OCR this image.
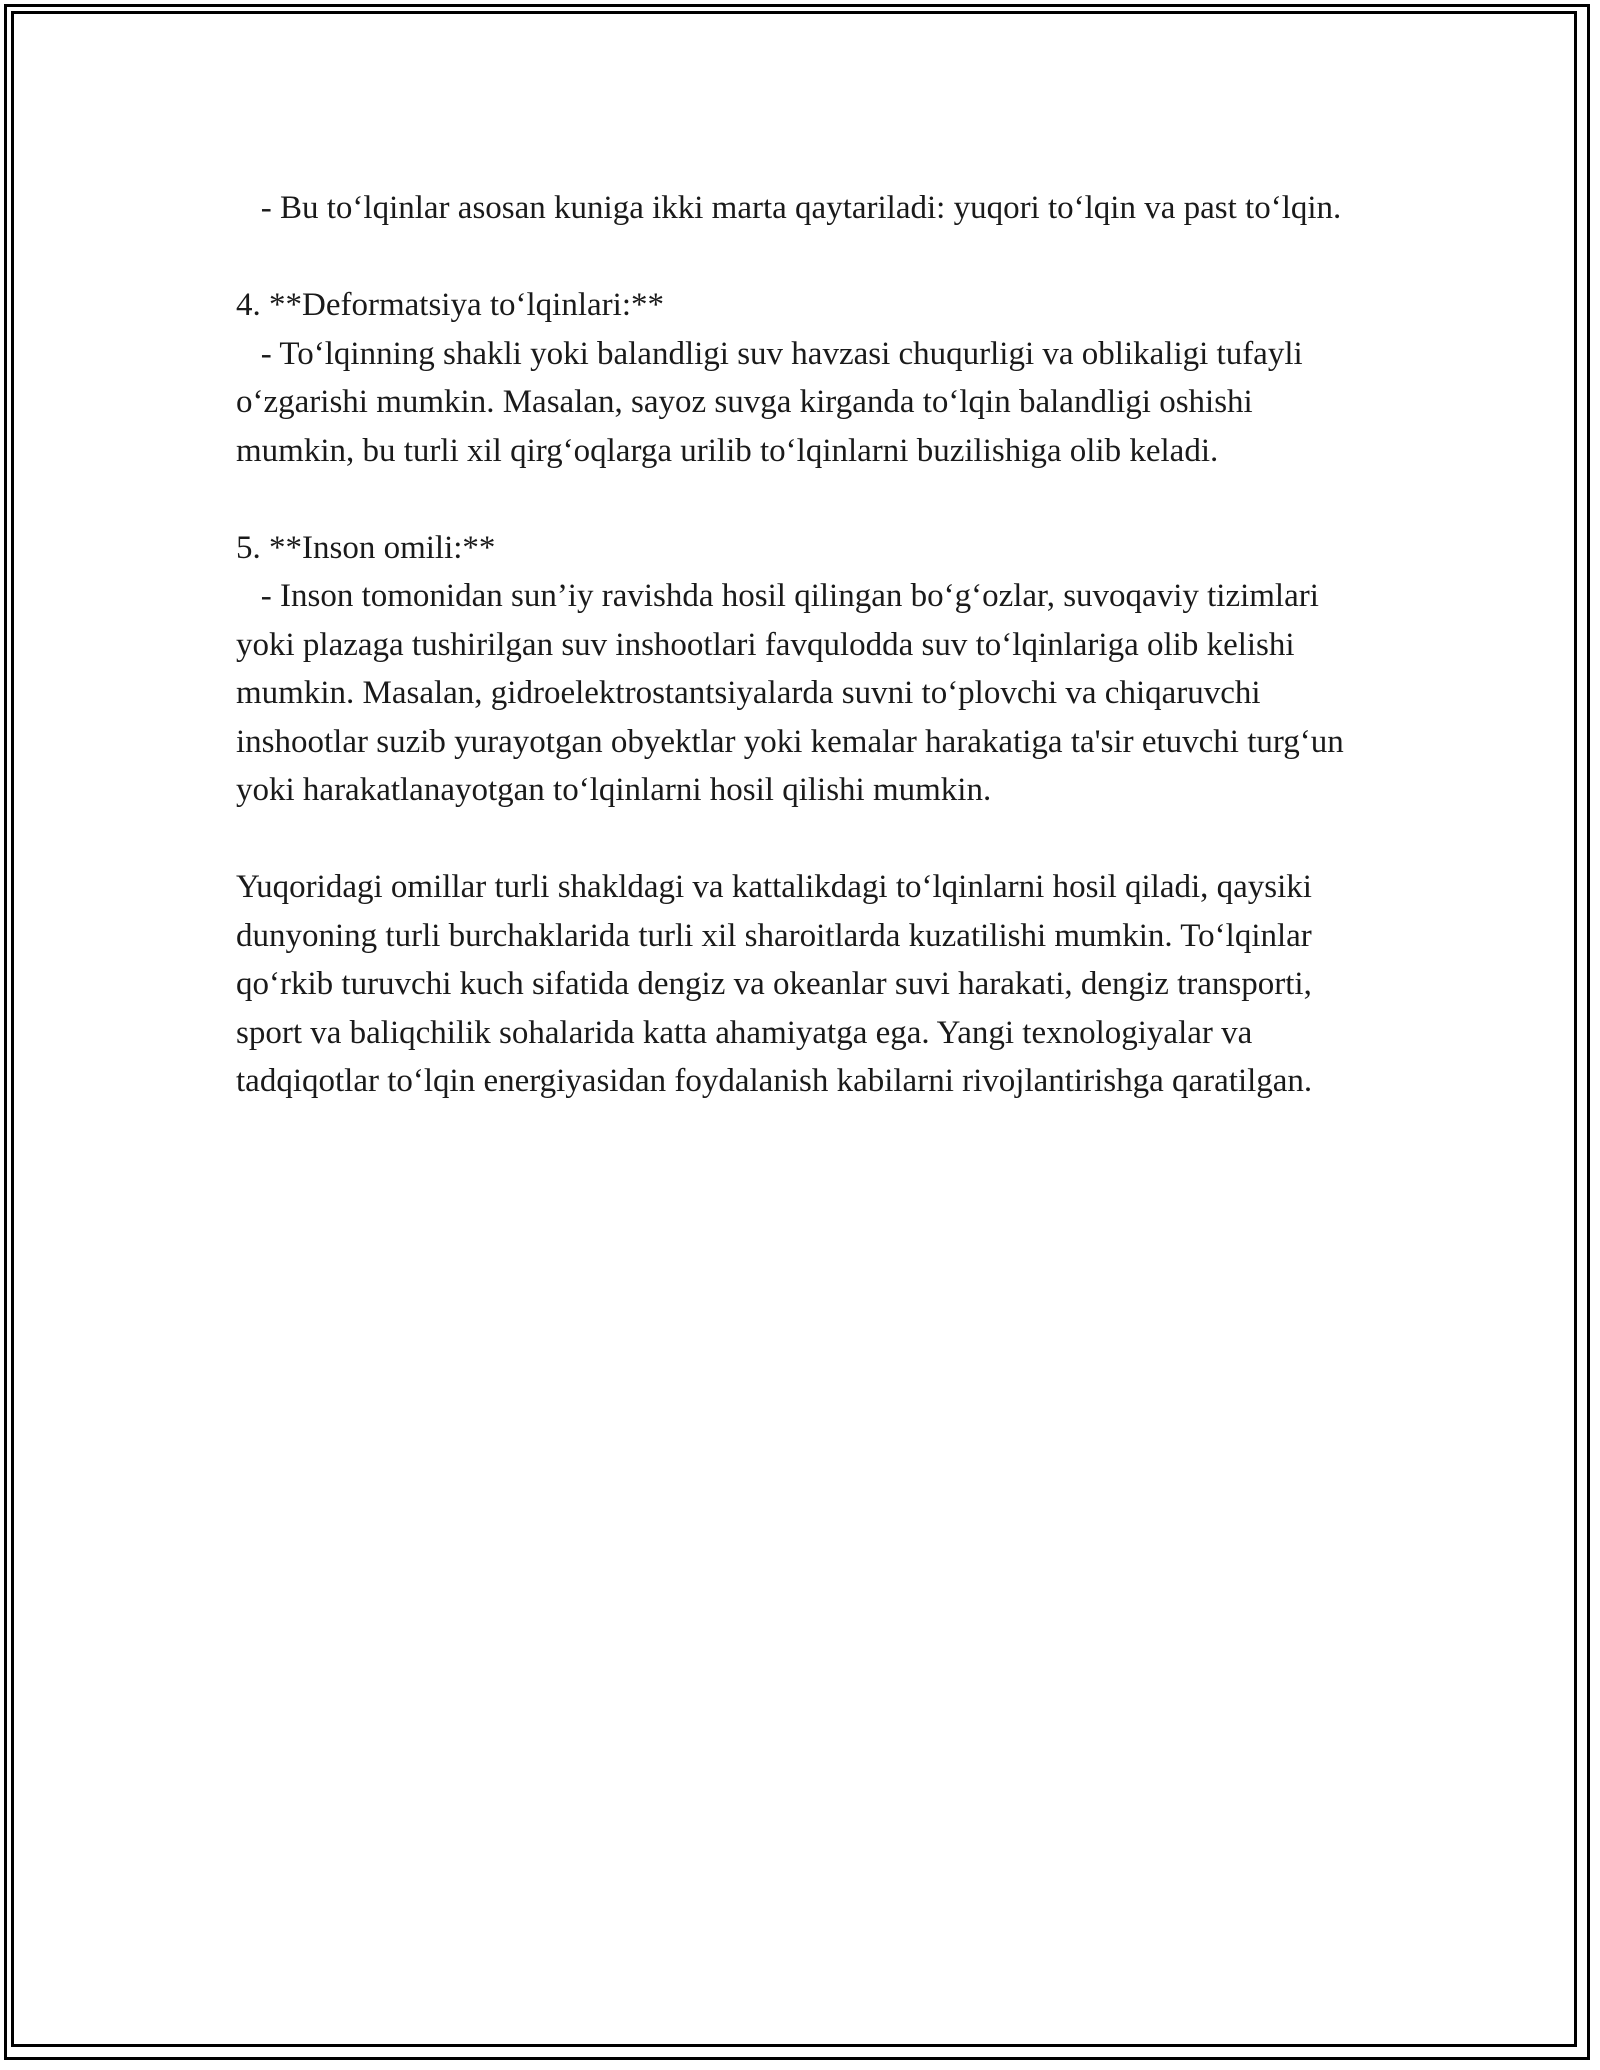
- Bu to‘lqinlar asosan kuniga ikki marta qaytariladi: yuqori to‘lqin va past to‘lqin.

4. **Deformatsiya to‘lqinlari:**

- To‘lqinning shakli yoki balandligi suv havzasi chuqurligi va oblikaligi tufayli o‘zgarishi mumkin. Masalan, sayoz suvga kirganda to‘lqin balandligi oshishi mumkin, bu turli xil qirg‘oqlarga urilib to‘lqinlarni buzilishiga olib keladi.

5. **Inson omili:**

- Inson tomonidan sun’iy ravishda hosil qilingan bo‘g‘ozlar, suvoqaviy tizimlari yoki plazaga tushirilgan suv inshootlari favqulodda suv to‘lqinlariga olib kelishi mumkin. Masalan, gidroelektrostantsiyalarda suvni to‘plovchi va chiqaruvchi inshootlar suzib yurayotgan obyektlar yoki kemalar harakatiga ta'sir etuvchi turg‘un yoki harakatlanayotgan to‘lqinlarni hosil qilishi mumkin.

Yuqoridagi omillar turli shakldagi va kattalikdagi to‘lqinlarni hosil qiladi, qaysiki dunyoning turli burchaklarida turli xil sharoitlarda kuzatilishi mumkin. To‘lqinlar qo‘rkib turuvchi kuch sifatida dengiz va okeanlar suvi harakati, dengiz transporti, sport va baliqchilik sohalarida katta ahamiyatga ega. Yangi texnologiyalar va tadqiqotlar to‘lqin energiyasidan foydalanish kabilarni rivojlantirishga qaratilgan.
